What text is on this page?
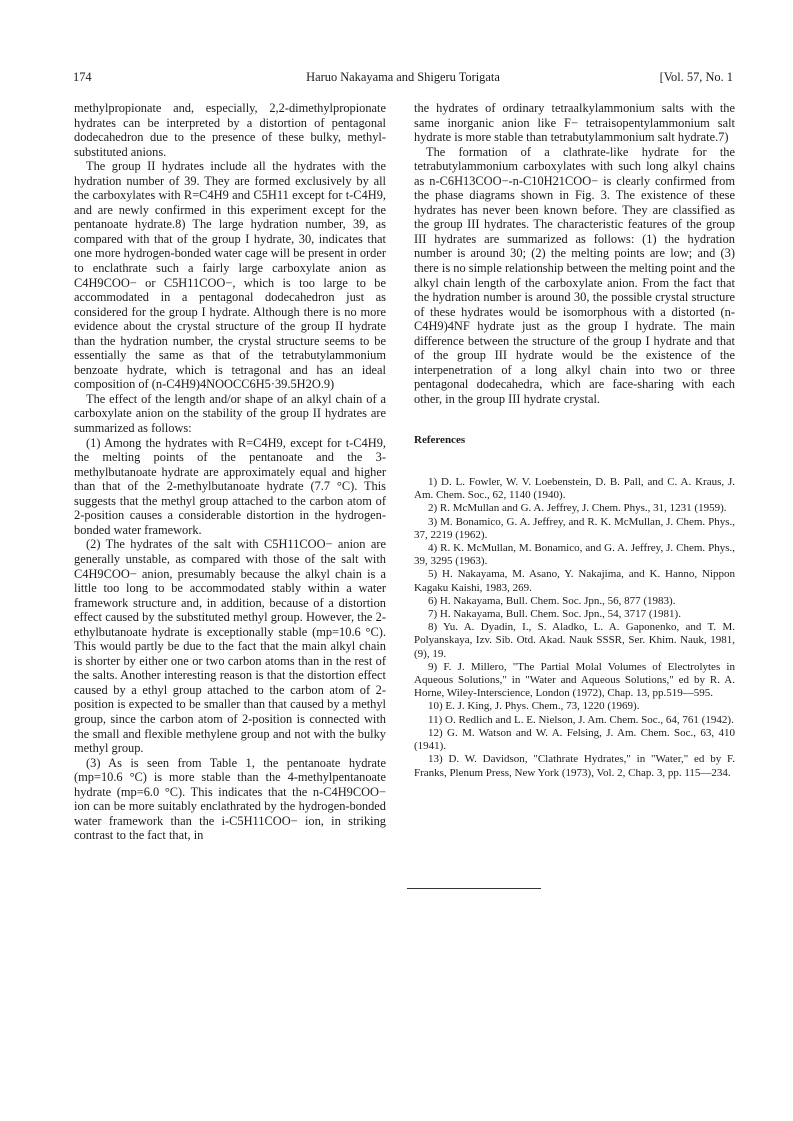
174	Haruo Nakayama and Shigeru Torigata	[Vol. 57, No. 1

methylpropionate and, especially, 2,2-dimethylpropionate hydrates can be interpreted by a distortion of pentagonal dodecahedron due to the presence of these bulky, methyl-substituted anions.

The group II hydrates include all the hydrates with the hydration number of 39. They are formed exclusively by all the carboxylates with R=C4H9 and C5H11 except for t-C4H9, and are newly confirmed in this experiment except for the pentanoate hydrate.8) The large hydration number, 39, as compared with that of the group I hydrate, 30, indicates that one more hydrogen-bonded water cage will be present in order to enclathrate such a fairly large carboxylate anion as C4H9COO− or C5H11COO−, which is too large to be accommodated in a pentagonal dodecahedron just as considered for the group I hydrate. Although there is no more evidence about the crystal structure of the group II hydrate than the hydration number, the crystal structure seems to be essentially the same as that of the tetrabutylammonium benzoate hydrate, which is tetragonal and has an ideal composition of (n-C4H9)4NOOCC6H5·39.5H2O.9)

The effect of the length and/or shape of an alkyl chain of a carboxylate anion on the stability of the group II hydrates are summarized as follows:

(1) Among the hydrates with R=C4H9, except for t-C4H9, the melting points of the pentanoate and the 3-methylbutanoate hydrate are approximately equal and higher than that of the 2-methylbutanoate hydrate (7.7 °C). This suggests that the methyl group attached to the carbon atom of 2-position causes a considerable distortion in the hydrogen-bonded water framework.

(2) The hydrates of the salt with C5H11COO− anion are generally unstable, as compared with those of the salt with C4H9COO− anion, presumably because the alkyl chain is a little too long to be accommodated stably within a water framework structure and, in addition, because of a distortion effect caused by the substituted methyl group. However, the 2-ethylbutanoate hydrate is exceptionally stable (mp=10.6 °C). This would partly be due to the fact that the main alkyl chain is shorter by either one or two carbon atoms than in the rest of the salts. Another interesting reason is that the distortion effect caused by a ethyl group attached to the carbon atom of 2-position is expected to be smaller than that caused by a methyl group, since the carbon atom of 2-position is connected with the small and flexible methylene group and not with the bulky methyl group.

(3) As is seen from Table 1, the pentanoate hydrate (mp=10.6 °C) is more stable than the 4-methylpentanoate hydrate (mp=6.0 °C). This indicates that the n-C4H9COO− ion can be more suitably enclathrated by the hydrogen-bonded water framework than the i-C5H11COO− ion, in striking contrast to the fact that, in

the hydrates of ordinary tetraalkylammonium salts with the same inorganic anion like F− tetraisopentylammonium salt hydrate is more stable than tetrabutylammonium salt hydrate.7)

The formation of a clathrate-like hydrate for the tetrabutylammonium carboxylates with such long alkyl chains as n-C6H13COO−-n-C10H21COO− is clearly confirmed from the phase diagrams shown in Fig. 3. The existence of these hydrates has never been known before. They are classified as the group III hydrates. The characteristic features of the group III hydrates are summarized as follows: (1) the hydration number is around 30; (2) the melting points are low; and (3) there is no simple relationship between the melting point and the alkyl chain length of the carboxylate anion. From the fact that the hydration number is around 30, the possible crystal structure of these hydrates would be isomorphous with a distorted (n-C4H9)4NF hydrate just as the group I hydrate. The main difference between the structure of the group I hydrate and that of the group III hydrate would be the existence of the interpenetration of a long alkyl chain into two or three pentagonal dodecahedra, which are face-sharing with each other, in the group III hydrate crystal.

References

1) D. L. Fowler, W. V. Loebenstein, D. B. Pall, and C. A. Kraus, J. Am. Chem. Soc., 62, 1140 (1940).

2) R. McMullan and G. A. Jeffrey, J. Chem. Phys., 31, 1231 (1959).

3) M. Bonamico, G. A. Jeffrey, and R. K. McMullan, J. Chem. Phys., 37, 2219 (1962).

4) R. K. McMullan, M. Bonamico, and G. A. Jeffrey, J. Chem. Phys., 39, 3295 (1963).

5) H. Nakayama, M. Asano, Y. Nakajima, and K. Hanno, Nippon Kagaku Kaishi, 1983, 269.

6) H. Nakayama, Bull. Chem. Soc. Jpn., 56, 877 (1983).

7) H. Nakayama, Bull. Chem. Soc. Jpn., 54, 3717 (1981).

8) Yu. A. Dyadin, I., S. Aladko, L. A. Gaponenko, and T. M. Polyanskaya, Izv. Sib. Otd. Akad. Nauk SSSR, Ser. Khim. Nauk, 1981, (9), 19.

9) F. J. Millero, "The Partial Molal Volumes of Electrolytes in Aqueous Solutions," in "Water and Aqueous Solutions," ed by R. A. Horne, Wiley-Interscience, London (1972), Chap. 13, pp.519—595.

10) E. J. King, J. Phys. Chem., 73, 1220 (1969).

11) O. Redlich and L. E. Nielson, J. Am. Chem. Soc., 64, 761 (1942).

12) G. M. Watson and W. A. Felsing, J. Am. Chem. Soc., 63, 410 (1941).

13) D. W. Davidson, "Clathrate Hydrates," in "Water," ed by F. Franks, Plenum Press, New York (1973), Vol. 2, Chap. 3, pp. 115—234.
